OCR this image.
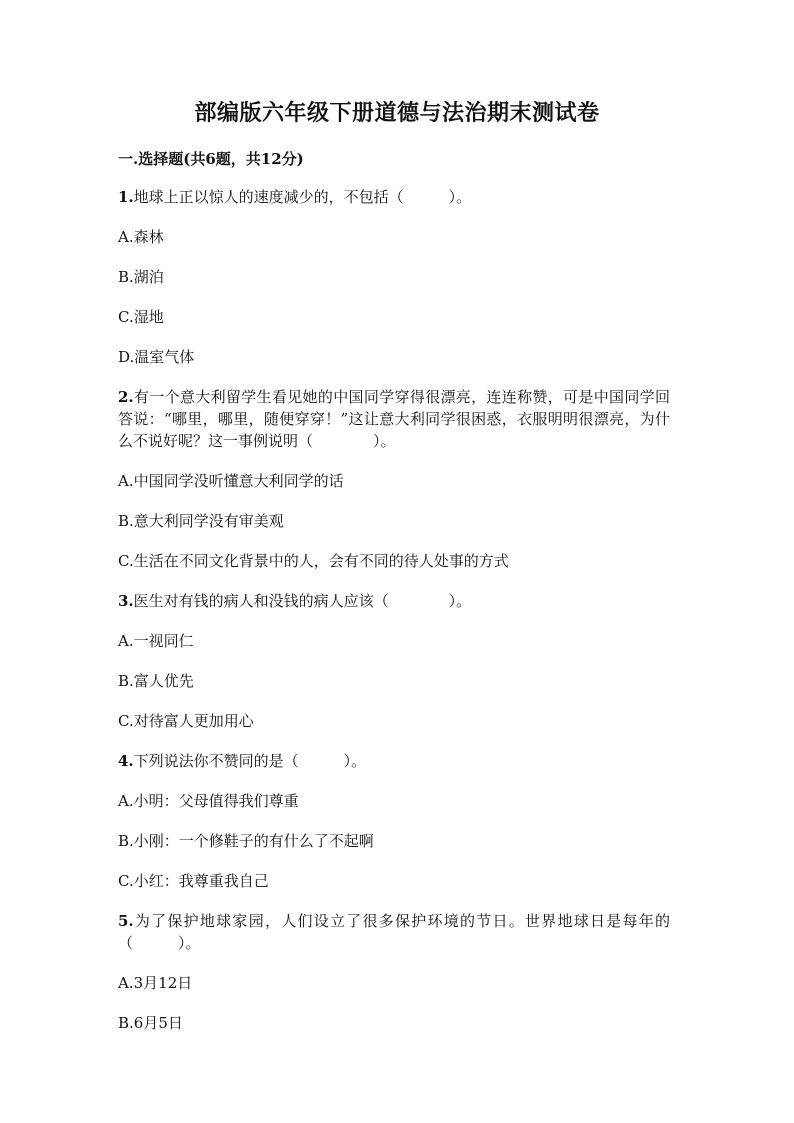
部编版六年级下册道德与法治期末测试卷
一.选择题(共6题，共12分)
1.地球上正以惊人的速度减少的，不包括（　　　）。
A.森林
B.湖泊
C.湿地
D.温室气体
2.有一个意大利留学生看见她的中国同学穿得很漂亮，连连称赞，可是中国同学回答说：“哪里，哪里，随便穿穿！”这让意大利同学很困惑，衣服明明很漂亮，为什么不说好呢？这一事例说明（　　　　）。
A.中国同学没听懂意大利同学的话
B.意大利同学没有审美观
C.生活在不同文化背景中的人，会有不同的待人处事的方式
3.医生对有钱的病人和没钱的病人应该（　　　　）。
A.一视同仁
B.富人优先
C.对待富人更加用心
4.下列说法你不赞同的是（　　　）。
A.小明：父母值得我们尊重
B.小刚：一个修鞋子的有什么了不起啊
C.小红：我尊重我自己
5.为了保护地球家园，人们设立了很多保护环境的节日。世界地球日是每年的（　　　）。
A.3月12日
B.6月5日
